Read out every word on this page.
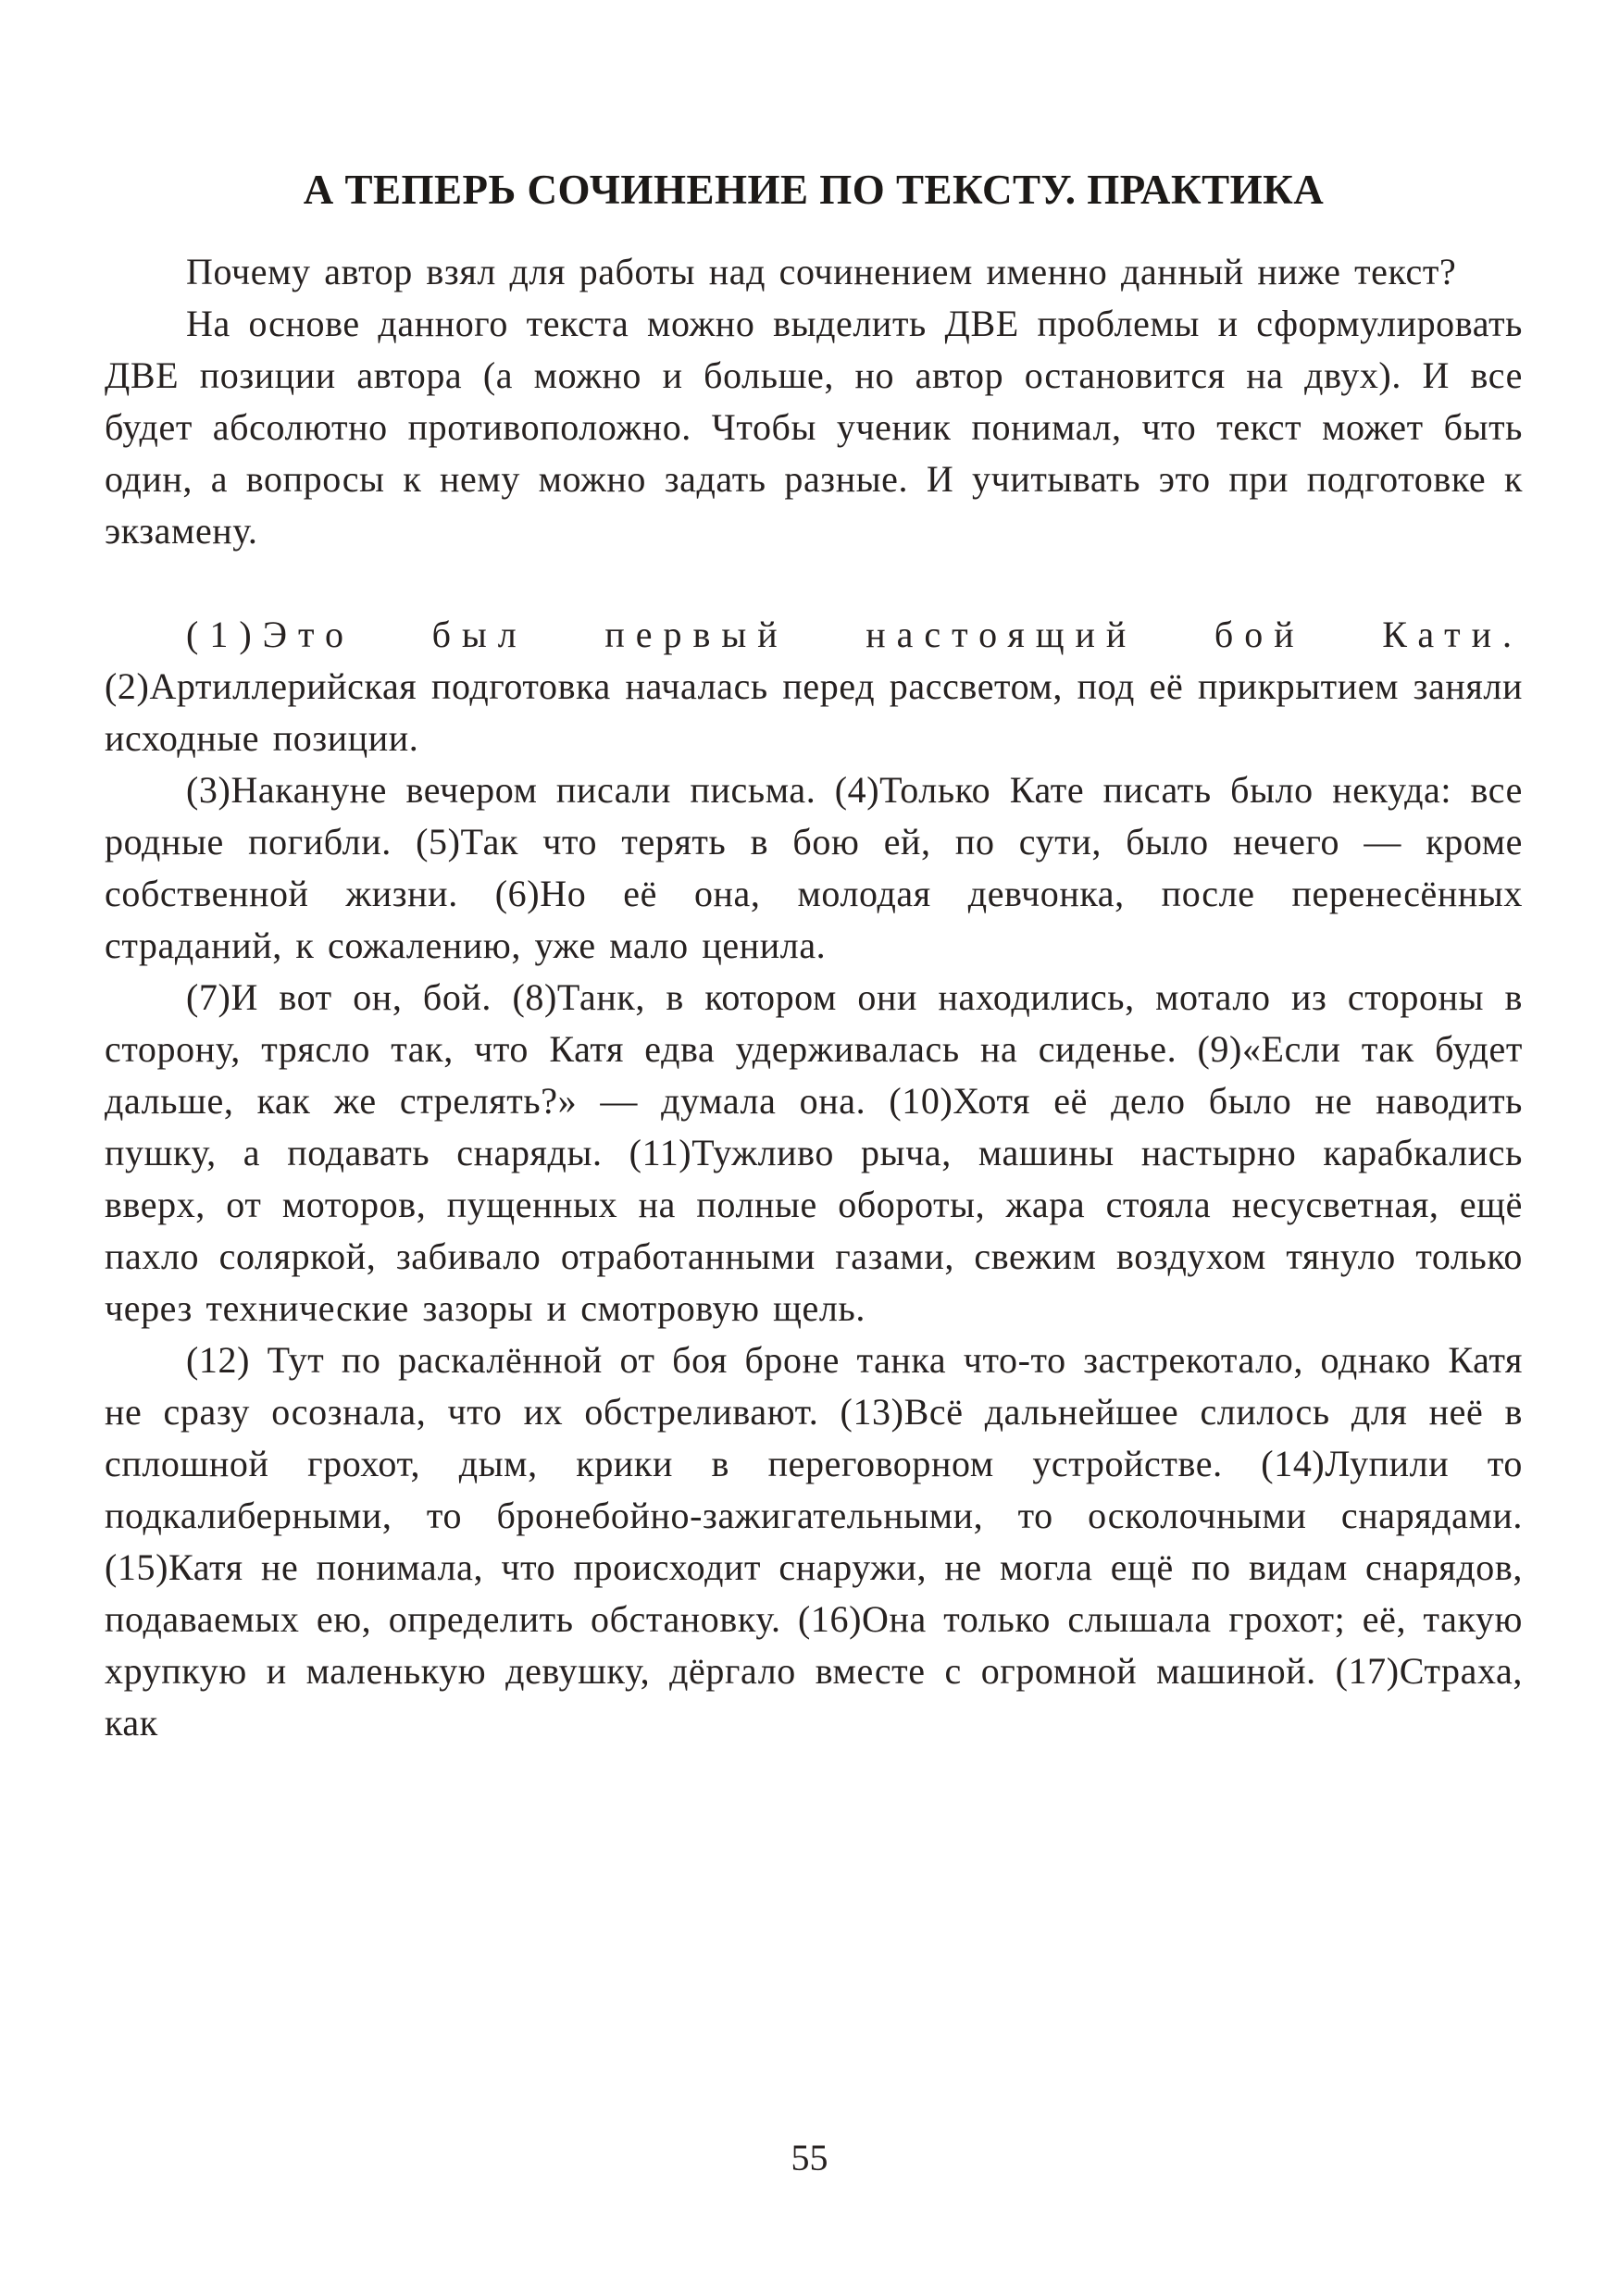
А ТЕПЕРЬ СОЧИНЕНИЕ ПО ТЕКСТУ. ПРАКТИКА

Почему автор взял для работы над сочинением именно данный ниже текст?

На основе данного текста можно выделить ДВЕ проблемы и сформулировать ДВЕ позиции автора (а можно и больше, но автор остановится на двух). И все будет абсолютно противоположно. Чтобы ученик понимал, что текст может быть один, а вопросы к нему можно задать разные. И учитывать это при подготовке к экзамену.

(1)Это был первый настоящий бой Кати. (2)Артиллерийская подготовка началась перед рассветом, под её прикрытием заняли исходные позиции.

(3)Накануне вечером писали письма. (4)Только Кате писать было некуда: все родные погибли. (5)Так что терять в бою ей, по сути, было нечего — кроме собственной жизни. (6)Но её она, молодая девчонка, после перенесённых страданий, к сожалению, уже мало ценила.

(7)И вот он, бой. (8)Танк, в котором они находились, мотало из стороны в сторону, трясло так, что Катя едва удерживалась на сиденье. (9)«Если так будет дальше, как же стрелять?» — думала она. (10)Хотя её дело было не наводить пушку, а подавать снаряды. (11)Тужливо рыча, машины настырно карабкались вверх, от моторов, пущенных на полные обороты, жара стояла несусветная, ещё пахло соляркой, забивало отработанными газами, свежим воздухом тянуло только через технические зазоры и смотровую щель.

(12) Тут по раскалённой от боя броне танка что-то застрекотало, однако Катя не сразу осознала, что их обстреливают. (13)Всё дальнейшее слилось для неё в сплошной грохот, дым, крики в переговорном устройстве. (14)Лупили то подкалиберными, то бронебойно-зажигательными, то осколочными снарядами. (15)Катя не понимала, что происходит снаружи, не могла ещё по видам снарядов, подаваемых ею, определить обстановку. (16)Она только слышала грохот; её, такую хрупкую и маленькую девушку, дёргало вместе с огромной машиной. (17)Страха, как

55
